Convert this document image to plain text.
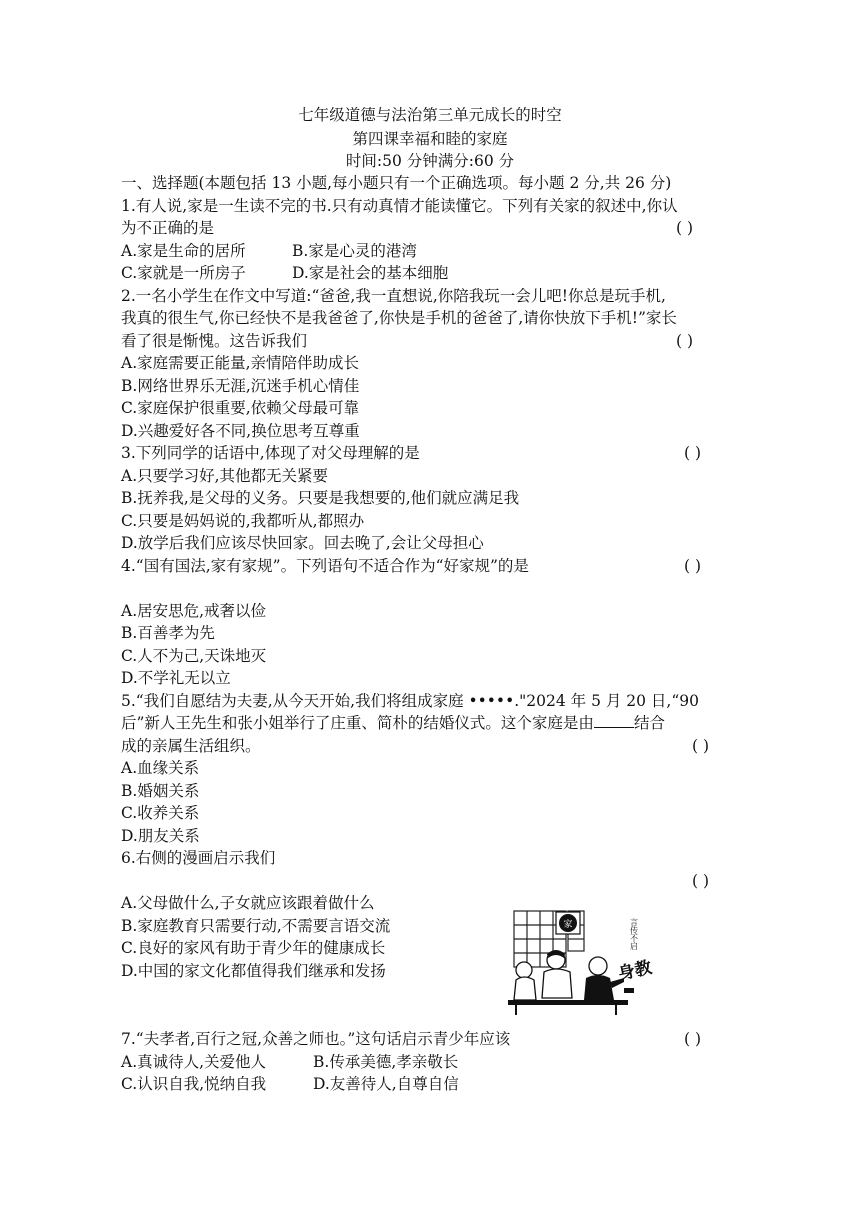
七年级道德与法治第三单元成长的时空
第四课幸福和睦的家庭
时间:50 分钟满分:60 分
一、选择题(本题包括 13 小题,每小题只有一个正确选项。每小题 2 分,共 26 分)
1.有人说,家是一生读不完的书.只有动真情才能读懂它。下列有关家的叙述中,你认
为不正确的是	( )
A.家是生命的居所	B.家是心灵的港湾
C.家就是一所房子	D.家是社会的基本细胞
2.一名小学生在作文中写道:“爸爸,我一直想说,你陪我玩一会儿吧!你总是玩手机,
我真的很生气,你已经快不是我爸爸了,你快是手机的爸爸了,请你快放下手机!”家长
看了很是惭愧。这告诉我们	( )
A.家庭需要正能量,亲情陪伴助成长
B.网络世界乐无涯,沉迷手机心情佳
C.家庭保护很重要,依赖父母最可靠
D.兴趣爱好各不同,换位思考互尊重
3.下列同学的话语中,体现了对父母理解的是	( )
A.只要学习好,其他都无关紧要
B.抚养我,是父母的义务。只要是我想要的,他们就应满足我
C.只要是妈妈说的,我都听从,都照办
D.放学后我们应该尽快回家。回去晚了,会让父母担心
4.“国有国法,家有家规”。下列语句不适合作为“好家规”的是	( )
A.居安思危,戒奢以俭
B.百善孝为先
C.人不为己,天诛地灭
D.不学礼无以立
5.“我们自愿结为夫妻,从今天开始,我们将组成家庭 •••••."2024 年 5 月 20 日,“90
后”新人王先生和张小姐举行了庄重、简朴的结婚仪式。这个家庭是由	结合
成的亲属生活组织。	( )
A.血缘关系
B.婚姻关系
C.收养关系
D.朋友关系
6.右侧的漫画启示我们
( )
A.父母做什么,子女就应该跟着做什么
B.家庭教育只需要行动,不需要言语交流
C.良好的家风有助于青少年的健康成长
D.中国的家文化都值得我们继承和发扬
家	言传不启
身教
7.“夫孝者,百行之冠,众善之师也。”这句话启示青少年应该	( )
A.真诚待人,关爱他人	B.传承美德,孝亲敬长
C.认识自我,悦纳自我	D.友善待人,自尊自信
